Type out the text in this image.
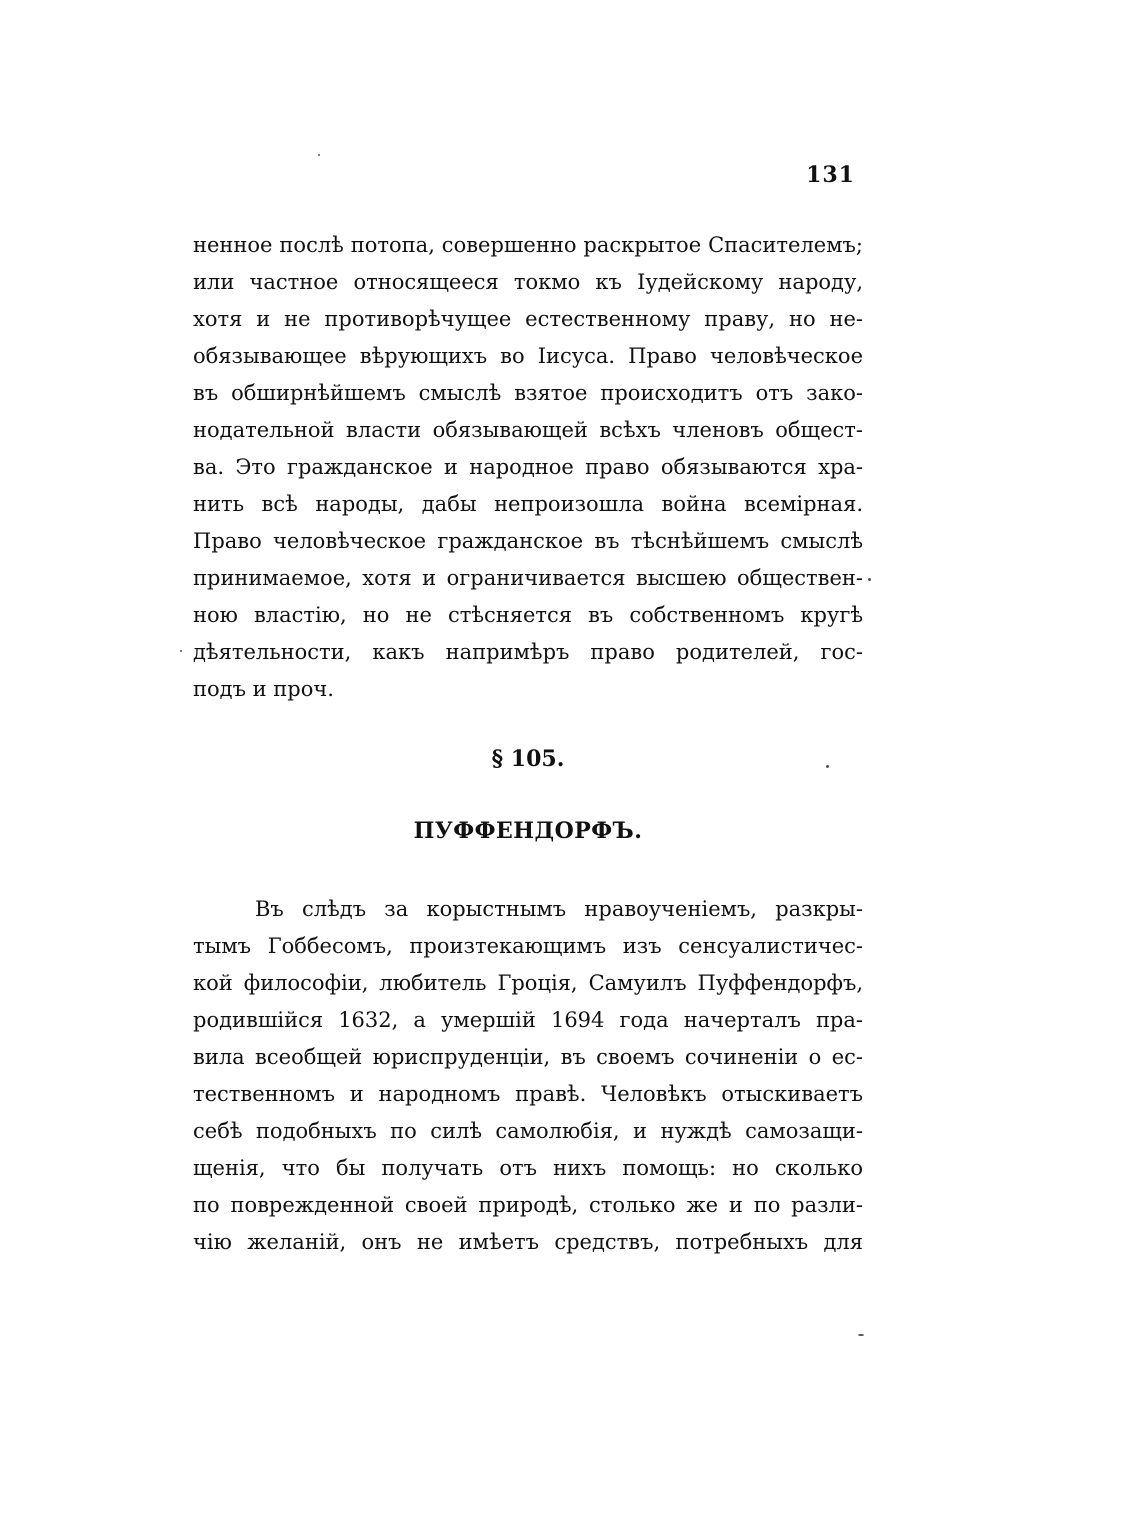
131
ненное послѣ потопа, совершенно раскрытое Спасителемъ;
или частное относящееся токмо къ Іудейскому народу,
хотя и не противорѣчущее естественному праву, но не-
обязывающее вѣрующихъ во Іисуса. Право человѣческое
въ обширнѣйшемъ смыслѣ взятое происходитъ отъ зако-
нодательной власти обязывающей всѣхъ членовъ общест-
ва. Это гражданское и народное право обязываются хра-
нить всѣ народы, дабы непроизошла война всемірная.
Право человѣческое гражданское въ тѣснѣйшемъ смыслѣ
принимаемое, хотя и ограничивается высшею обществен-
ною властію, но не стѣсняется въ собственномъ кругѣ
дѣятельности, какъ напримѣръ право родителей, гос-
подъ и проч.
§ 105.
ПУФФЕНДОРФЪ.
Въ слѣдъ за корыстнымъ нравоученіемъ, разкры-
тымъ Гоббесомъ, произтекающимъ изъ сенсуалистичес-
кой философіи, любитель Гроція, Самуилъ Пуффендорфъ,
родившійся 1632, а умершій 1694 года начерталъ пра-
вила всеобщей юриспруденціи, въ своемъ сочиненіи о ес-
тественномъ и народномъ правѣ. Человѣкъ отыскиваетъ
себѣ подобныхъ по силѣ самолюбія, и нуждѣ самозащи-
щенія, что бы получать отъ нихъ помощь: но сколько
по поврежденной своей природѣ, столько же и по разли-
чію желаній, онъ не имѣетъ средствъ, потребныхъ для
